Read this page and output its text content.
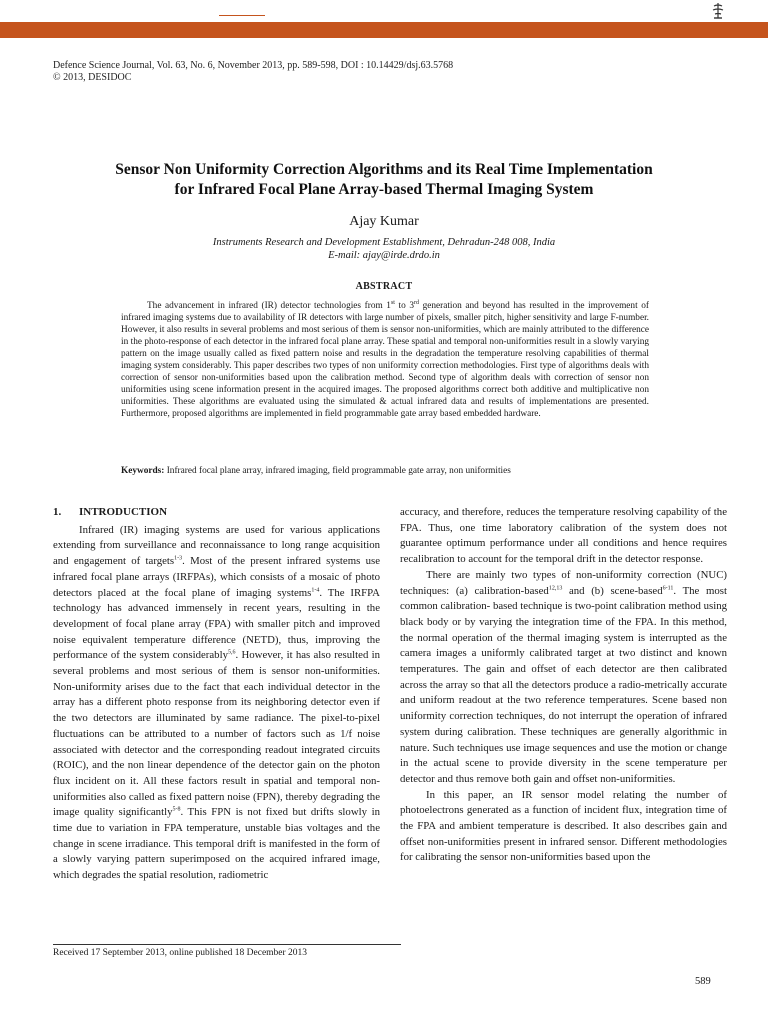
Defence Science Journal, Vol. 63, No. 6, November 2013, pp. 589-598, DOI : 10.14429/dsj.63.5768
© 2013, DESIDOC
Sensor Non Uniformity Correction Algorithms and its Real Time Implementation
for Infrared Focal Plane Array-based Thermal Imaging System
Ajay Kumar
Instruments Research and Development Establishment, Dehradun-248 008, India
E-mail: ajay@irde.drdo.in
ABSTRACT
The advancement in infrared (IR) detector technologies from 1st to 3rd generation and beyond has resulted in the improvement of infrared imaging systems due to availability of IR detectors with large number of pixels, smaller pitch, higher sensitivity and large F-number. However, it also results in several problems and most serious of them is sensor non-uniformities, which are mainly attributed to the difference in the photo-response of each detector in the infrared focal plane array. These spatial and temporal non-uniformities result in a slowly varying pattern on the image usually called as fixed pattern noise and results in the degradation the temperature resolving capabilities of thermal imaging system considerably. This paper describes two types of non uniformity correction methodologies. First type of algorithms deals with correction of sensor non-uniformities based upon the calibration method. Second type of algorithm deals with correction of sensor non uniformities using scene information present in the acquired images. The proposed algorithms correct both additive and multiplicative non uniformities. These algorithms are evaluated using the simulated & actual infrared data and results of implementations are presented. Furthermore, proposed algorithms are implemented in field programmable gate array based embedded hardware.
Keywords: Infrared focal plane array, infrared imaging, field programmable gate array, non uniformities
1. INTRODUCTION

Infrared (IR) imaging systems are used for various applications extending from surveillance and reconnaissance to long range acquisition and engagement of targets$^{1-3}$. Most of the present infrared systems use infrared focal plane arrays (IRFPAs), which consists of a mosaic of photo detectors placed at the focal plane of imaging systems$^{1-4}$. The IRFPA technology has advanced immensely in recent years, resulting in the development of focal plane array (FPA) with smaller pitch and improved noise equivalent temperature difference (NETD), thus, improving the performance of the system considerably$^{5,6}$. However, it has also resulted in several problems and most serious of them is sensor non-uniformities. Non-uniformity arises due to the fact that each individual detector in the array has a different photo response from its neighboring detector even if the two detectors are illuminated by same radiance. The pixel-to-pixel fluctuations can be attributed to a number of factors such as 1/f noise associated with detector and the corresponding readout integrated circuits (ROIC), and the non linear dependence of the detector gain on the photon flux incident on it. All these factors result in spatial and temporal non-uniformities also called as fixed pattern noise (FPN), thereby degrading the image quality significantly$^{5-8}$. This FPN is not fixed but drifts slowly in time due to variation in FPA temperature, unstable bias voltages and the change in scene irradiance. This temporal drift is manifested in the form of a slowly varying pattern superimposed on the acquired infrared image, which degrades the spatial resolution, radiometric

accuracy, and therefore, reduces the temperature resolving capability of the FPA. Thus, one time laboratory calibration of the system does not guarantee optimum performance under all conditions and hence requires recalibration to account for the temporal drift in the detector response.

There are mainly two types of non-uniformity correction (NUC) techniques: (a) calibration-based$^{12,13}$ and (b) scene-based$^{6-11}$. The most common calibration- based technique is two-point calibration method using black body or by varying the integration time of the FPA. In this method, the normal operation of the thermal imaging system is interrupted as the camera images a uniformly calibrated target at two distinct and known temperatures. The gain and offset of each detector are then calibrated across the array so that all the detectors produce a radio-metrically accurate and uniform readout at the two reference temperatures. Scene based non uniformity correction techniques, do not interrupt the operation of infrared system during calibration. These techniques are generally algorithmic in nature. Such techniques use image sequences and use the motion or change in the actual scene to provide diversity in the scene temperature per detector and thus remove both gain and offset non-uniformities.

In this paper, an IR sensor model relating the number of photoelectrons generated as a function of incident flux, integration time of the FPA and ambient temperature is described. It also describes gain and offset non-uniformities present in infrared sensor. Different methodologies for calibrating the sensor non-uniformities based upon the

Received 17 September 2013, online published 18 December 2013
589
